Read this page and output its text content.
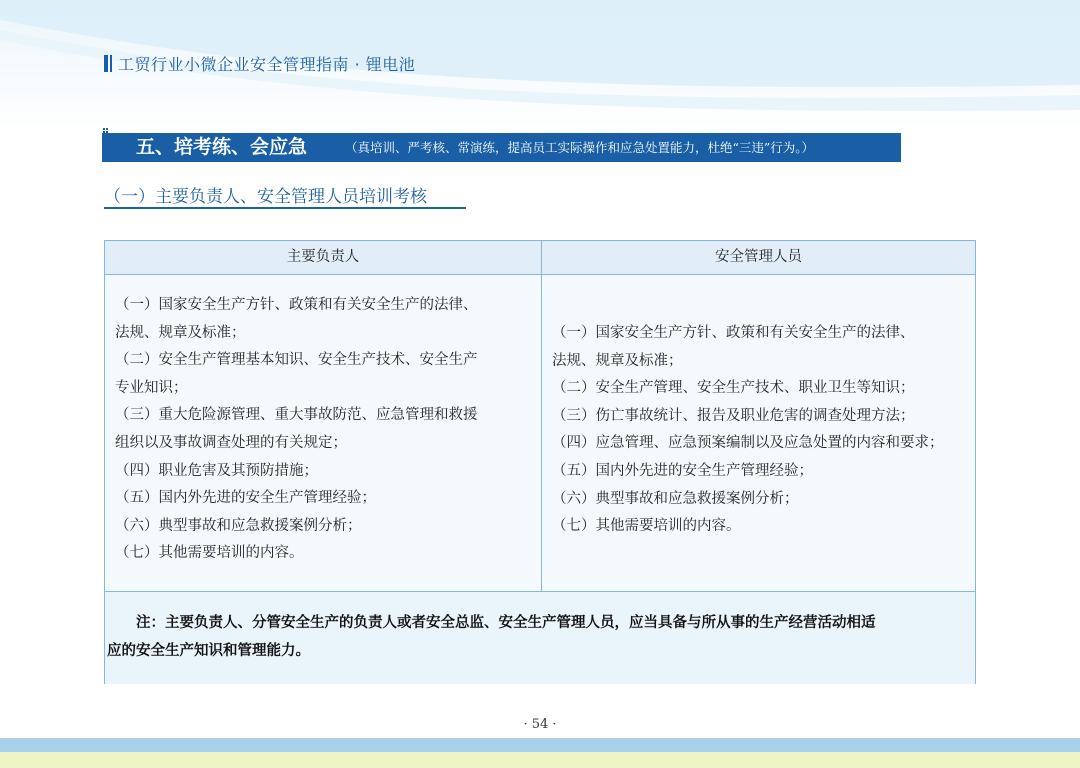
工贸行业小微企业安全管理指南 · 锂电池
五、培考练、会应急	（真培训、严考核、常演练，提高员工实际操作和应急处置能力，杜绝“三违”行为。）
（一）主要负责人、安全管理人员培训考核
主要负责人	安全管理人员
（一）国家安全生产方针、政策和有关安全生产的法律、
法规、规章及标准；
（二）安全生产管理基本知识、安全生产技术、安全生产
专业知识；
（三）重大危险源管理、重大事故防范、应急管理和救援
组织以及事故调查处理的有关规定；
（四）职业危害及其预防措施；
（五）国内外先进的安全生产管理经验；
（六）典型事故和应急救援案例分析；
（七）其他需要培训的内容。
（一）国家安全生产方针、政策和有关安全生产的法律、
法规、规章及标准；
（二）安全生产管理、安全生产技术、职业卫生等知识；
（三）伤亡事故统计、报告及职业危害的调查处理方法；
（四）应急管理、应急预案编制以及应急处置的内容和要求；
（五）国内外先进的安全生产管理经验；
（六）典型事故和应急救援案例分析；
（七）其他需要培训的内容。
　　注：主要负责人、分管安全生产的负责人或者安全总监、安全生产管理人员，应当具备与所从事的生产经营活动相适
应的安全生产知识和管理能力。
· 54 ·
